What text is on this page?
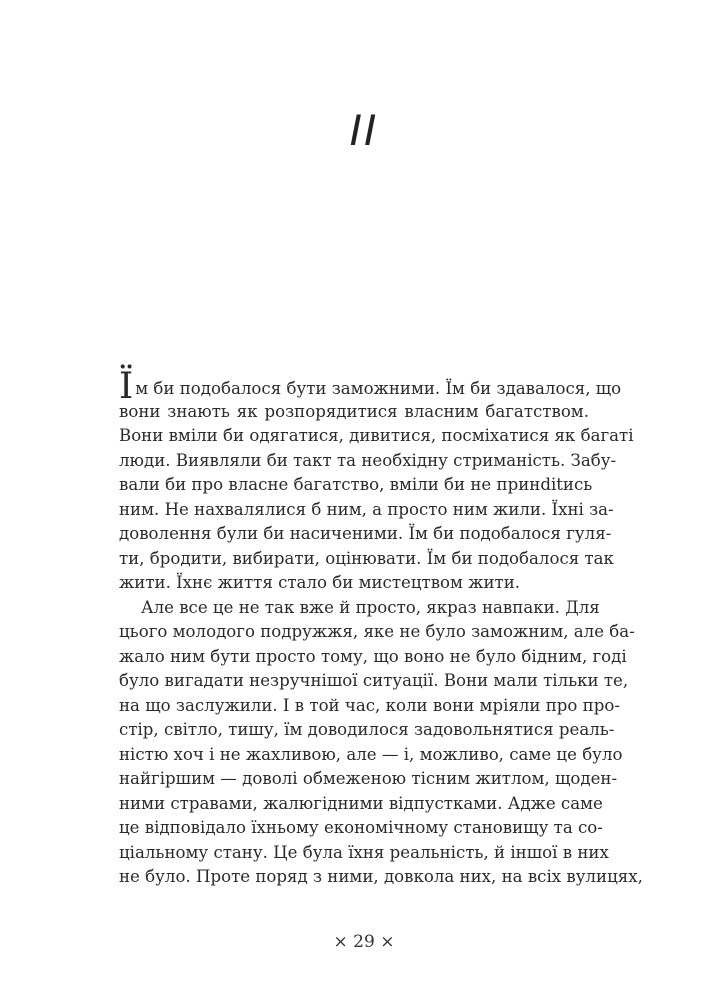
II
Їм би подобалося бути заможними. Їм би здавалося, що
вони знають як розпорядитися власним багатством.
Вони вміли би одягатися, дивитися, посміхатися як багаті
люди. Виявляли би такт та необхідну стриманість. Забу-
вали би про власне багатство, вміли би не принditись
ним. Не нахвалялися б ним, а просто ним жили. Їхні за-
доволення були би насиченими. Їм би подобалося гуля-
ти, бродити, вибирати, оцінювати. Їм би подобалося так
жити. Їхнє життя стало би мистецтвом жити.
Але все це не так вже й просто, якраз навпаки. Для
цього молодого подружжя, яке не було заможним, але ба-
жало ним бути просто тому, що воно не було бідним, годі
було вигадати незручнішої ситуації. Вони мали тільки те,
на що заслужили. І в той час, коли вони мріяли про про-
стір, світло, тишу, їм доводилося задовольнятися реаль-
ністю хоч і не жахливою, але — і, можливо, саме це було
найгіршим — доволі обмеженою тісним житлом, щоден-
ними стравами, жалюгідними відпустками. Адже саме
це відповідало їхньому економічному становищу та со-
ціальному стану. Це була їхня реальність, й іншої в них
не було. Проте поряд з ними, довкола них, на всіх вулицях,
× 29 ×
